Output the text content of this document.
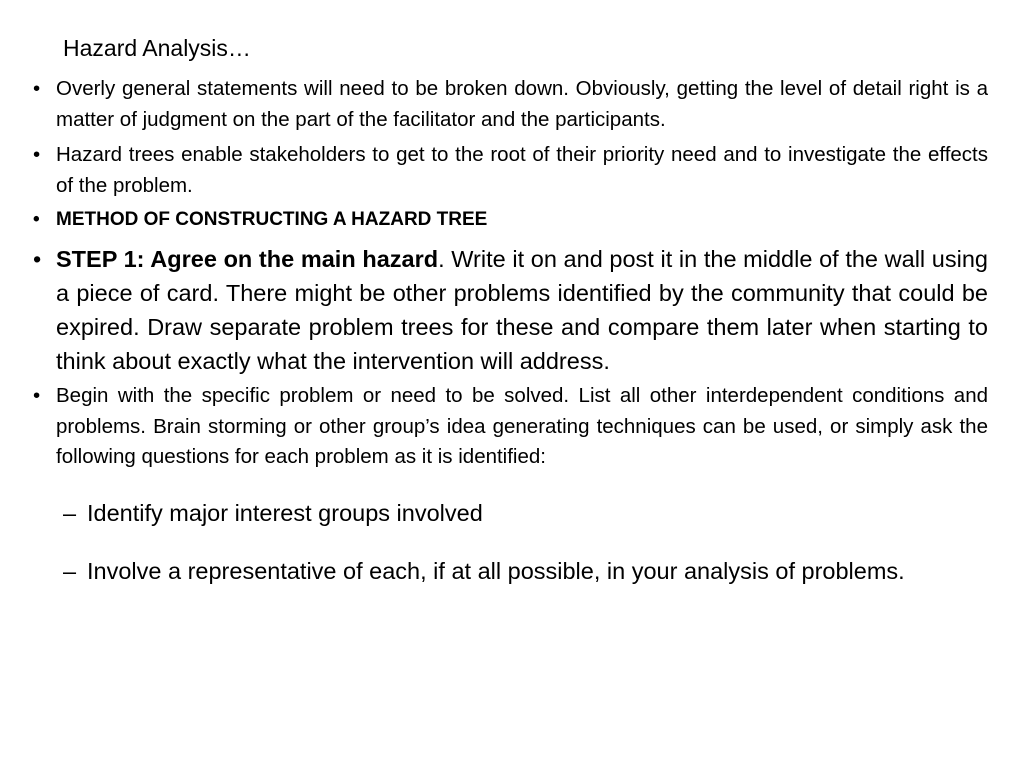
Hazard Analysis…

• Overly general statements will need to be broken down. Obviously, getting the level of detail right is a matter of judgment on the part of the facilitator and the participants.

• Hazard trees enable stakeholders to get to the root of their priority need and to investigate the effects of the problem.

• METHOD OF CONSTRUCTING A HAZARD TREE

• STEP 1: Agree on the main hazard. Write it on and post it in the middle of the wall using a piece of card. There might be other problems identified by the community that could be expired. Draw separate problem trees for these and compare them later when starting to think about exactly what the intervention will address.

• Begin with the specific problem or need to be solved. List all other interdependent conditions and problems. Brain storming or other group’s idea generating techniques can be used, or simply ask the following questions for each problem as it is identified:

– Identify major interest groups involved

– Involve a representative of each, if at all possible, in your analysis of problems.
